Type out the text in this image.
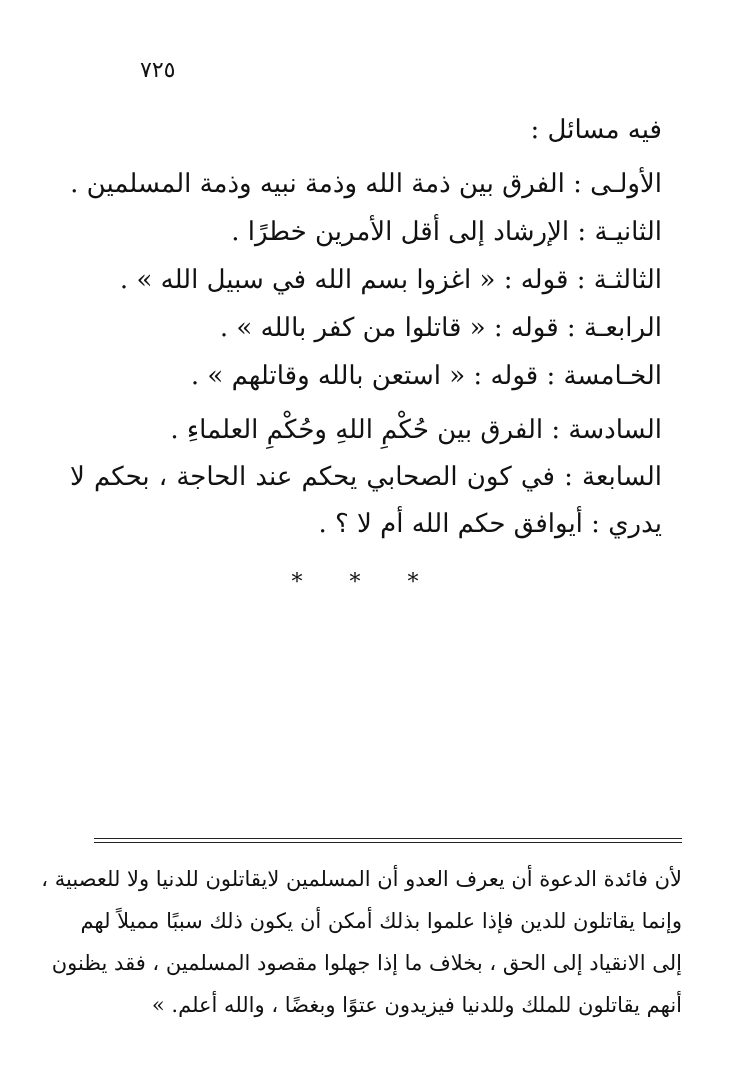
٧٢٥
فيه مسائل :
الأولـى : الفرق بين ذمة الله وذمة نبيه وذمة المسلمين .
الثانيـة : الإرشاد إلى أقل الأمرين خطرًا .
الثالثـة : قوله : « اغزوا بسم الله في سبيل الله » .
الرابعـة : قوله : « قاتلوا من كفر بالله » .
الخـامسة : قوله : « استعن بالله وقاتلهم » .
السادسة : الفرق بين حُكْمِ اللهِ وحُكْمِ العلماءِ .
السابعة : في كون الصحابي يحكم عند الحاجة ، بحكم لا يدري : أيوافق حكم الله أم لا ؟ .
* * *
لأن فائدة الدعوة أن يعرف العدو أن المسلمين لايقاتلون للدنيا ولا للعصبية ،
وإنما يقاتلون للدين فإذا علموا بذلك أمكن أن يكون ذلك سببًا مميلاً لهم
إلى الانقياد إلى الحق ، بخلاف ما إذا جهلوا مقصود المسلمين ، فقد يظنون
أنهم يقاتلون للملك وللدنيا فيزيدون عتوًا وبغضًا ، والله أعلم. »
